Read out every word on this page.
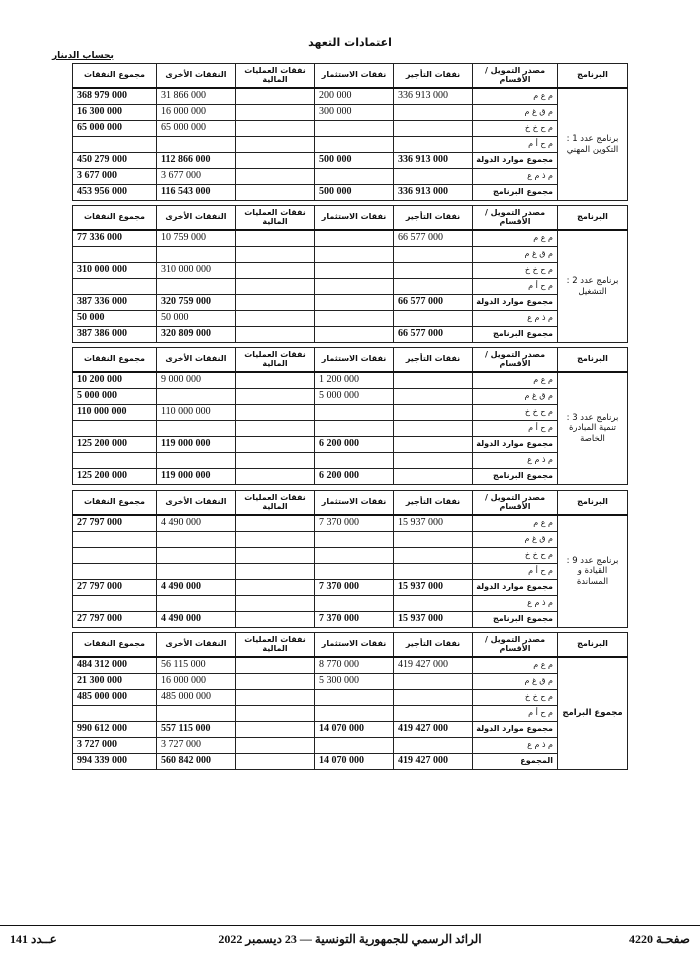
اعتمادات التعهد
بحساب الدينار
البرنامج	مصدر التمويل / الأقسام	نفقات التأجير	نفقات الاستثمار	نفقات العمليات المالية	النفقات الأخرى	مجموع النفقات
برنامج عدد 1 : التكوين المهني	م ع م	336 913 000	200 000		31 866 000	368 979 000
	م ق غ م		300 000		16 000 000	16 300 000
	م ح خ خ				65 000 000	65 000 000
	م ح أ م					
	مجموع موارد الدولة	336 913 000	500 000		112 866 000	450 279 000
	م ذ م ع				3 677 000	3 677 000
	مجموع البرنامج	336 913 000	500 000		116 543 000	453 956 000
البرنامج	مصدر التمويل / الأقسام	نفقات التأجير	نفقات الاستثمار	نفقات العمليات المالية	النفقات الأخرى	مجموع النفقات
برنامج عدد 2 : التشغيل	م ع م	66 577 000			10 759 000	77 336 000
	م ق غ م					
	م ح خ خ				310 000 000	310 000 000
	م ح أ م					
	مجموع موارد الدولة	66 577 000			320 759 000	387 336 000
	م ذ م ع				50 000	50 000
	مجموع البرنامج	66 577 000			320 809 000	387 386 000
البرنامج	مصدر التمويل / الأقسام	نفقات التأجير	نفقات الاستثمار	نفقات العمليات المالية	النفقات الأخرى	مجموع النفقات
برنامج عدد 3 : تنمية المبادرة الخاصة	م ع م		1 200 000		9 000 000	10 200 000
	م ق غ م		5 000 000			5 000 000
	م ح خ خ				110 000 000	110 000 000
	م ح أ م					
	مجموع موارد الدولة		6 200 000		119 000 000	125 200 000
	م ذ م ع					
	مجموع البرنامج		6 200 000		119 000 000	125 200 000
البرنامج	مصدر التمويل / الأقسام	نفقات التأجير	نفقات الاستثمار	نفقات العمليات المالية	النفقات الأخرى	مجموع النفقات
برنامج عدد 9 : القيادة و المساندة	م ع م	15 937 000	7 370 000		4 490 000	27 797 000
	م ق غ م					
	م ح خ خ					
	م ح أ م					
	مجموع موارد الدولة	15 937 000	7 370 000		4 490 000	27 797 000
	م ذ م ع					
	مجموع البرنامج	15 937 000	7 370 000		4 490 000	27 797 000
البرنامج	مصدر التمويل / الأقسام	نفقات التأجير	نفقات الاستثمار	نفقات العمليات المالية	النفقات الأخرى	مجموع النفقات
مجموع البرامج	م ع م	419 427 000	8 770 000		56 115 000	484 312 000
	م ق غ م		5 300 000		16 000 000	21 300 000
	م ح خ خ				485 000 000	485 000 000
	م ح أ م					
	مجموع موارد الدولة	419 427 000	14 070 000		557 115 000	990 612 000
	م ذ م ع				3 727 000	3 727 000
	المجموع	419 427 000	14 070 000		560 842 000	994 339 000
عــدد 141	الرائد الرسمي للجمهورية التونسية — 23 ديسمبر 2022	صفحـة 4220
